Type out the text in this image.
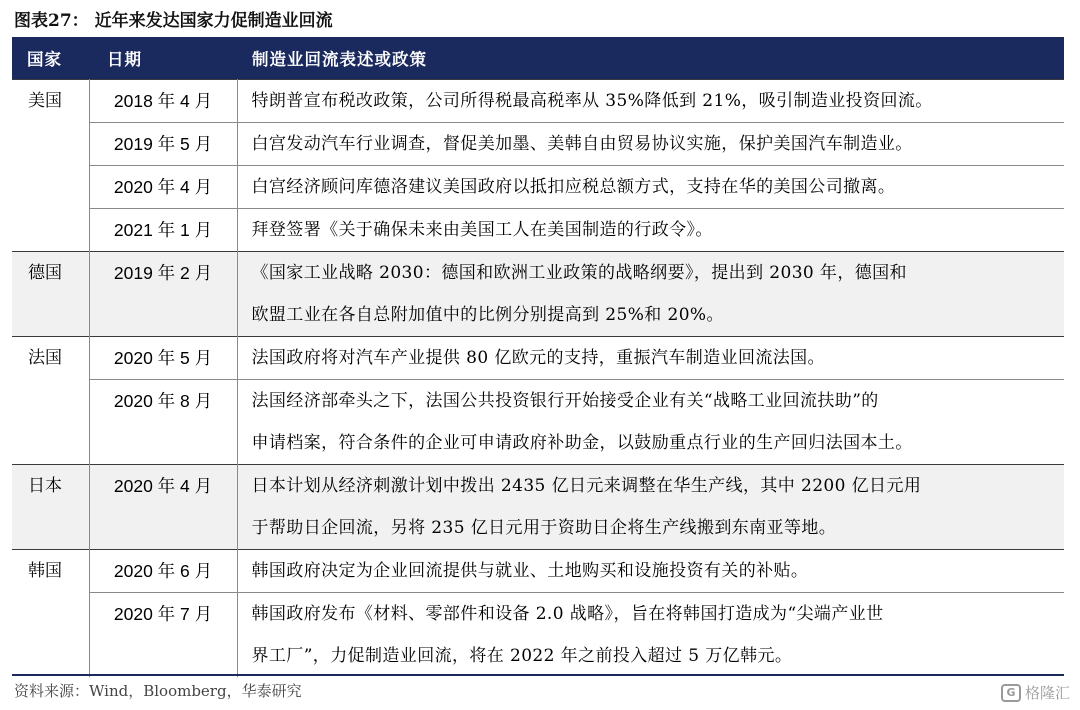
图表27： 近年来发达国家力促制造业回流
国家	日期	制造业回流表述或政策
美国	2018 年 4 月	特朗普宣布税改政策，公司所得税最高税率从 35%降低到 21%，吸引制造业投资回流。

	2019 年 5 月	白宫发动汽车行业调查，督促美加墨、美韩自由贸易协议实施，保护美国汽车制造业。

	2020 年 4 月	白宫经济顾问库德洛建议美国政府以抵扣应税总额方式，支持在华的美国公司撤离。

	2021 年 1 月	拜登签署《关于确保未来由美国工人在美国制造的行政令》。

德国	2019 年 2 月	《国家工业战略 2030：德国和欧洲工业政策的战略纲要》，提出到 2030 年，德国和
欧盟工业在各自总附加值中的比例分别提高到 25%和 20%。

法国	2020 年 5 月	法国政府将对汽车产业提供 80 亿欧元的支持，重振汽车制造业回流法国。

	2020 年 8 月	法国经济部牵头之下，法国公共投资银行开始接受企业有关“战略工业回流扶助”的
申请档案，符合条件的企业可申请政府补助金，以鼓励重点行业的生产回归法国本土。

日本	2020 年 4 月	日本计划从经济刺激计划中拨出 2435 亿日元来调整在华生产线，其中 2200 亿日元用
于帮助日企回流，另将 235 亿日元用于资助日企将生产线搬到东南亚等地。

韩国	2020 年 6 月	韩国政府决定为企业回流提供与就业、土地购买和设施投资有关的补贴。

	2020 年 7 月	韩国政府发布《材料、零部件和设备 2.0 战略》，旨在将韩国打造成为“尖端产业世
界工厂”，力促制造业回流，将在 2022 年之前投入超过 5 万亿韩元。
资料来源：Wind，Bloomberg，华泰研究	G 格隆汇
